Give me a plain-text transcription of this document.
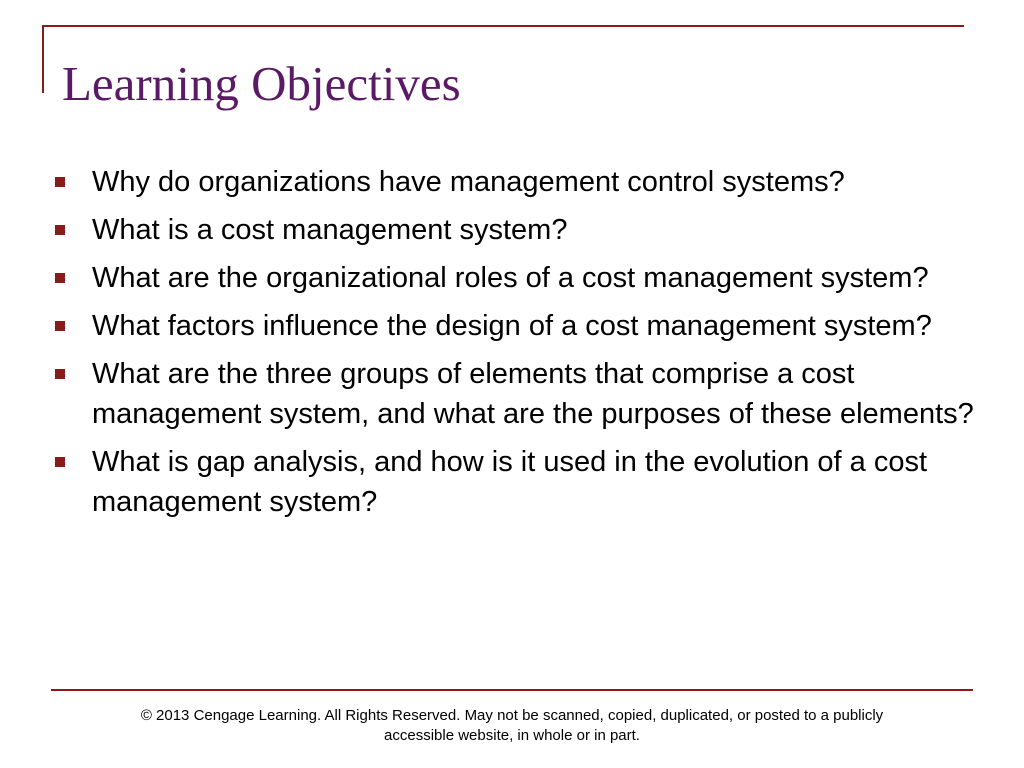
Learning Objectives
Why do organizations have management control systems?
What is a cost management system?
What are the organizational roles of a cost management system?
What factors influence the design of a cost management system?
What are the three groups of elements that comprise a cost management system, and what are the purposes of these elements?
What is gap analysis, and how is it used in the evolution of a cost management system?
© 2013 Cengage Learning. All Rights Reserved. May not be scanned, copied, duplicated, or posted to a publicly
accessible website, in whole or in part.
